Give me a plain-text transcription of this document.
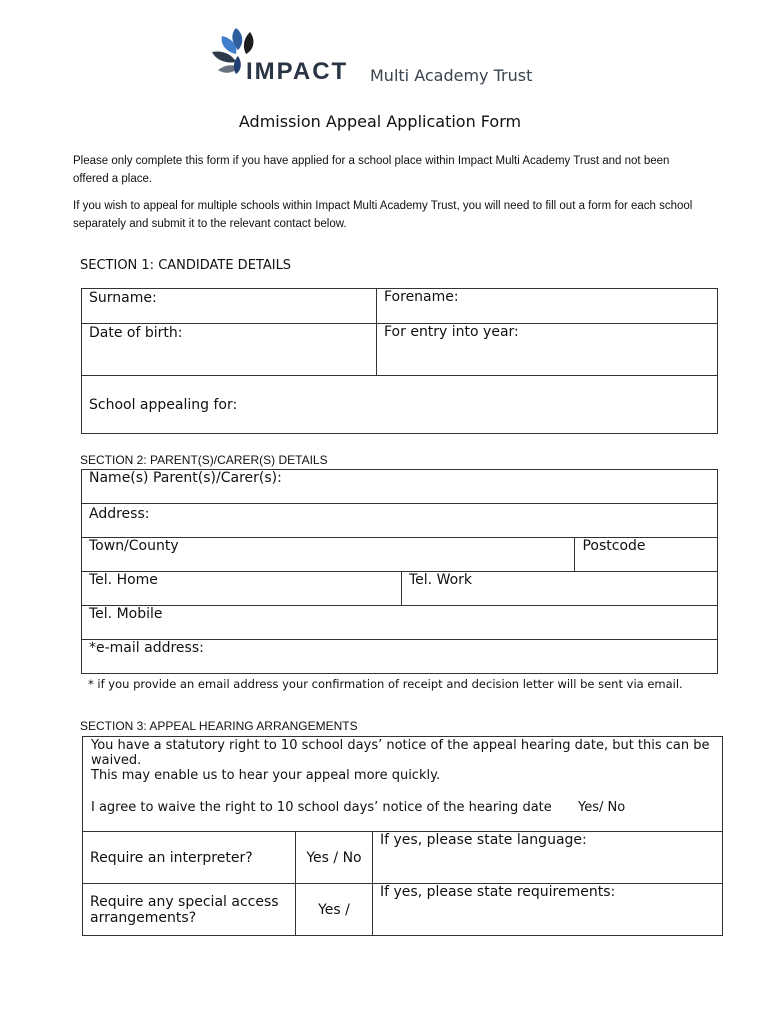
IMPACT Multi Academy Trust
Admission Appeal Application Form
Please only complete this form if you have applied for a school place within Impact Multi Academy Trust and not been offered a place.
If you wish to appeal for multiple schools within Impact Multi Academy Trust, you will need to fill out a form for each school separately and submit it to the relevant contact below.
SECTION 1: CANDIDATE DETAILS
Surname:	Forename:
Date of birth:	For entry into year:
School appealing for:	
SECTION 2: PARENT(S)/CARER(S) DETAILS
Name(s) Parent(s)/Carer(s):		
Address:		
Town/County		Postcode
Tel. Home	Tel. Work	
Tel. Mobile		
*e-mail address:		
* if you provide an email address your confirmation of receipt and decision letter will be sent via email.
SECTION 3: APPEAL HEARING ARRANGEMENTS
You have a statutory right to 10 school days’ notice of the appeal hearing date, but this can be waived.
This may enable us to hear your appeal more quickly.
I agree to waive the right to 10 school days’ notice of the hearing date Yes/ No		

Require an interpreter?	Yes / No	If yes, please state language:
Require any special access arrangements?	Yes /	If yes, please state requirements:
